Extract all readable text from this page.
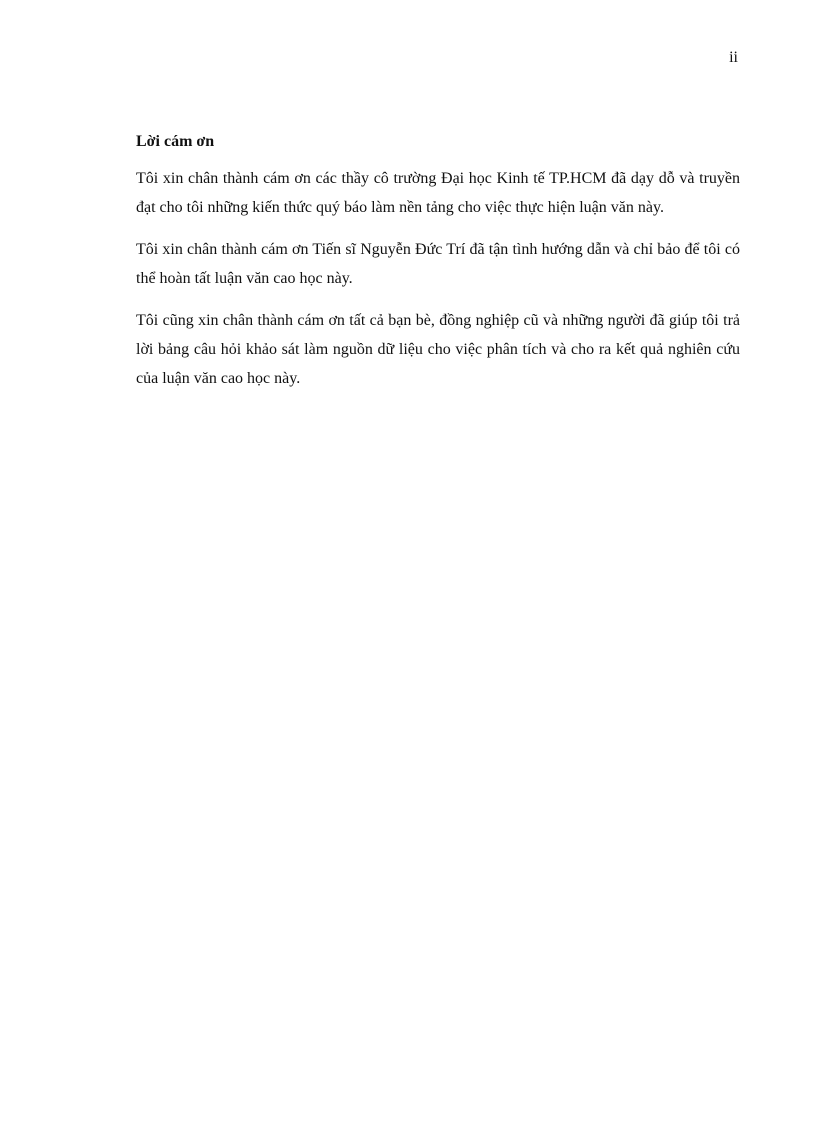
ii
Lời cám ơn

Tôi xin chân thành cám ơn các thầy cô trường Đại học Kinh tế TP.HCM đã dạy dỗ và truyền đạt cho tôi những kiến thức quý báo làm nền tảng cho việc thực hiện luận văn này.

Tôi xin chân thành cám ơn Tiến sĩ Nguyễn Đức Trí đã tận tình hướng dẫn và chỉ bảo để tôi có thể hoàn tất luận văn cao học này.

Tôi cũng xin chân thành cám ơn tất cả bạn bè, đồng nghiệp cũ và những người đã giúp tôi trả lời bảng câu hỏi khảo sát làm nguồn dữ liệu cho việc phân tích và cho ra kết quả nghiên cứu của luận văn cao học này.
